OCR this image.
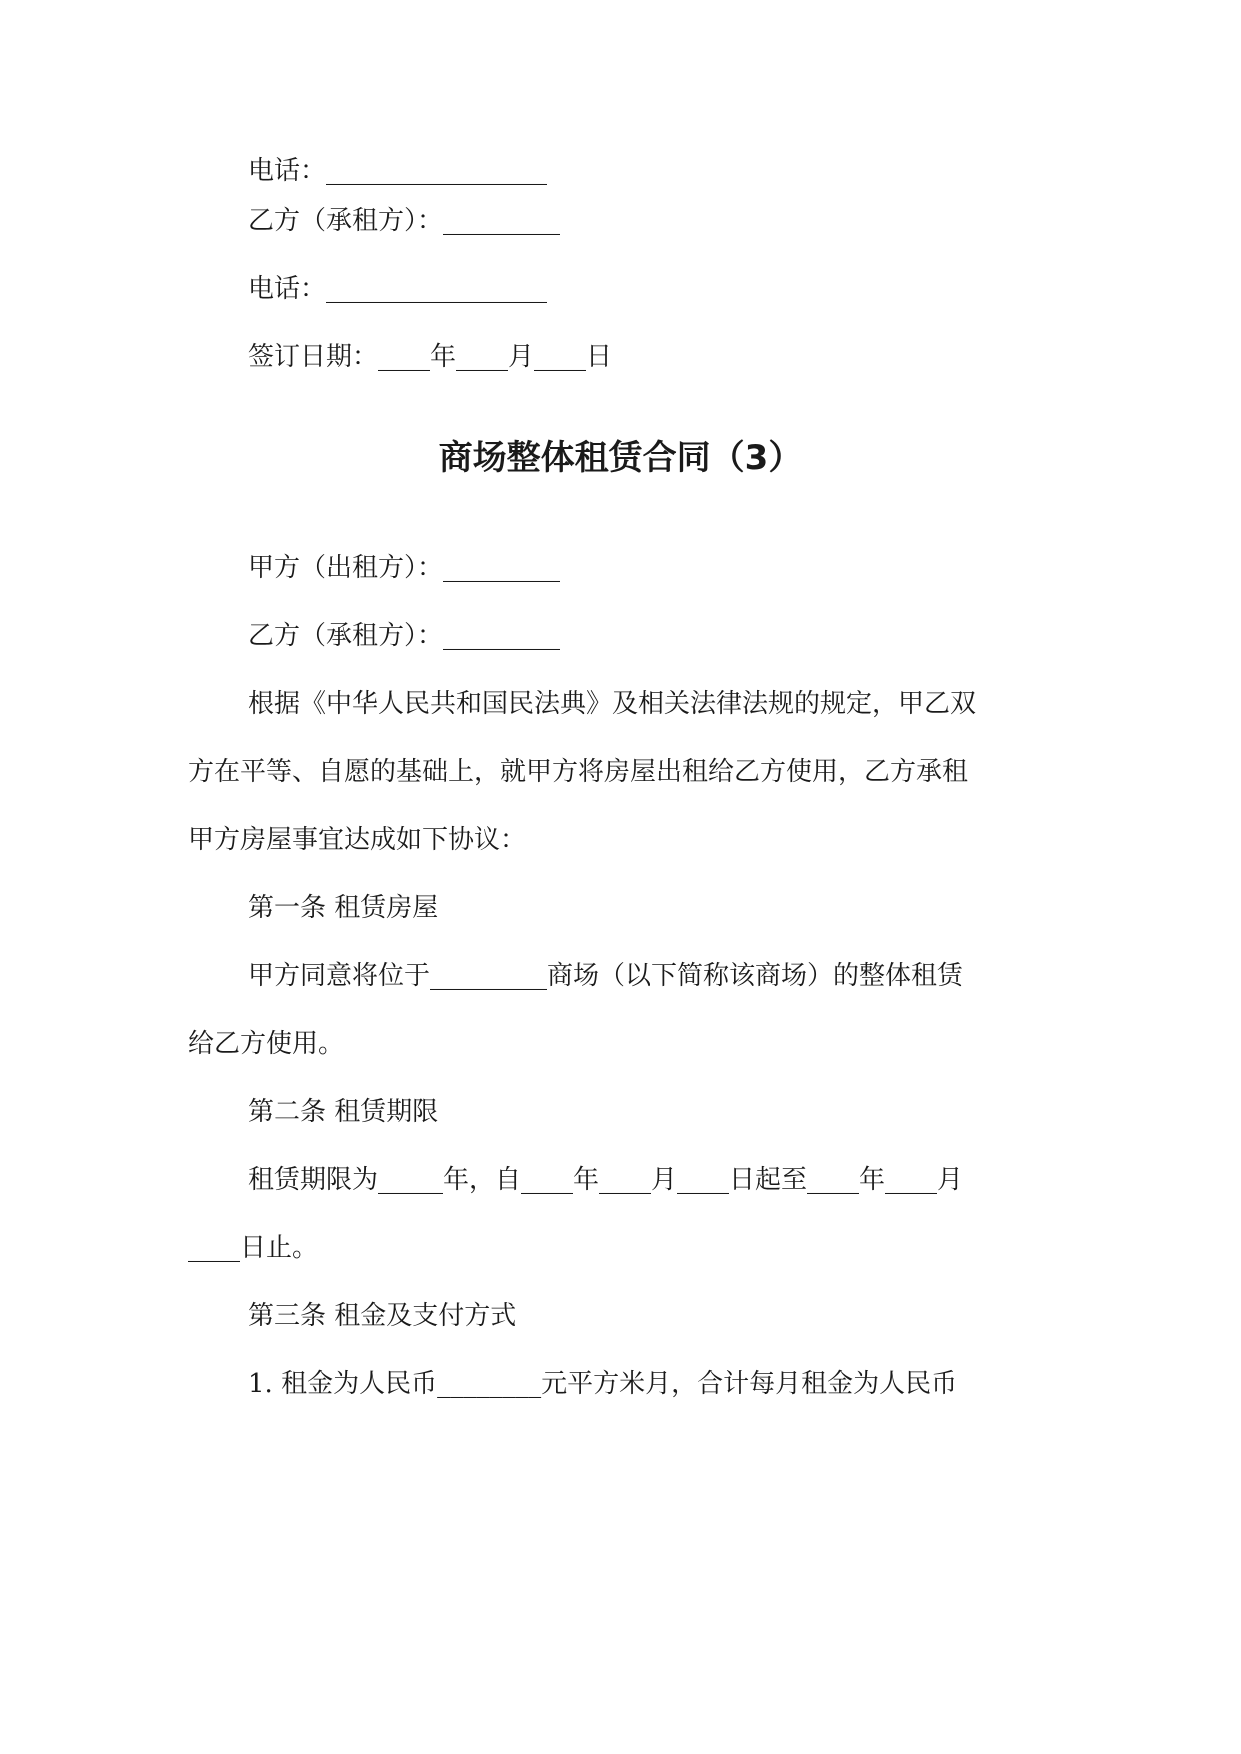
电话：_________________

乙方（承租方）：_________

电话：_________________

签订日期：____年____月____日

商场整体租赁合同（3）

甲方（出租方）：_________

乙方（承租方）：_________

根据《中华人民共和国民法典》及相关法律法规的规定，甲乙双

方在平等、自愿的基础上，就甲方将房屋出租给乙方使用，乙方承租

甲方房屋事宜达成如下协议：

第一条 租赁房屋

甲方同意将位于_________商场（以下简称该商场）的整体租赁

给乙方使用。

第二条 租赁期限

租赁期限为_____年，自____年____月____日起至____年____月

____日止。

第三条 租金及支付方式

1. 租金为人民币________元平方米月，合计每月租金为人民币
